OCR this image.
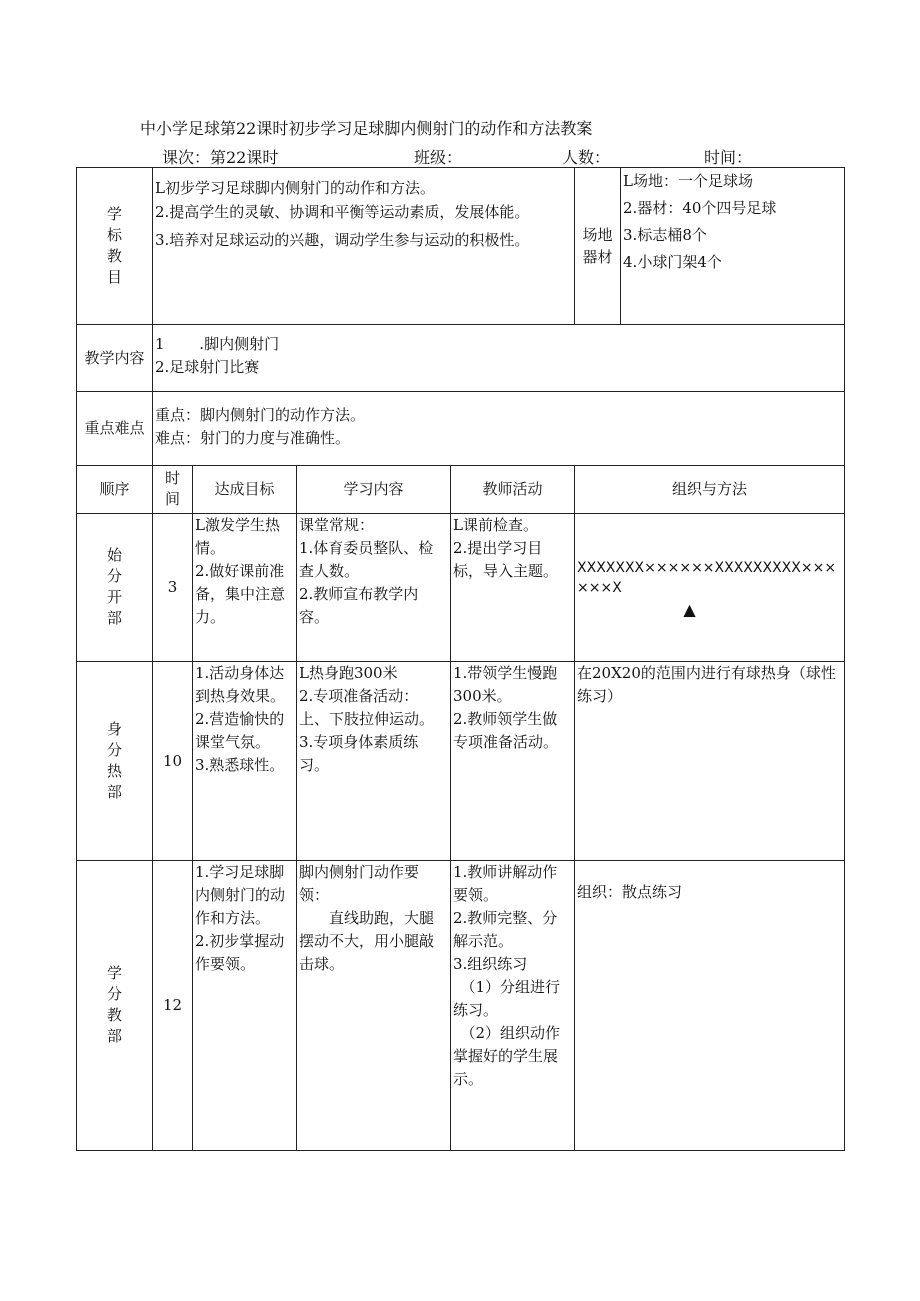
中小学足球第22课时初步学习足球脚内侧射门的动作和方法教案
课次：第22课时	班级：	人数：	时间：
学标教目	L初步学习足球脚内侧射门的动作和方法。
2.提高学生的灵敏、协调和平衡等运动素质，发展体能。
3.培养对足球运动的兴趣，调动学生参与运动的积极性。				场地器材	L场地：一个足球场
2.器材：40个四号足球
3.标志桶8个
4.小球门架4个

教学内容	1　　 .脚内侧射门
2.足球射门比赛					

重点难点	重点：脚内侧射门的动作方法。
难点：射门的力度与准确性。					

顺序	时间	达成目标	学习内容	教师活动	组织与方法	
始分开部	3	L激发学生热情。
2.做好课前准备，集中注意力。	课堂常规：
1.体育委员整队、检查人数。
2.教师宣布教学内容。	L课前检查。
2.提出学习目标，导入主题。	XXXXXXX××××××XXXXXXXXX××××××X
▲	

身分热部	10	1.活动身体达到热身效果。
2.营造愉快的课堂气氛。
3.熟悉球性。	L热身跑300米
2.专项准备活动：上、下肢拉伸运动。
3.专项身体素质练习。	1.带领学生慢跑300米。
2.教师领学生做专项准备活动。	在20X20的范围内进行有球热身（球性练习）	

学分教部	12	1.学习足球脚内侧射门的动作和方法。
2.初步掌握动作要领。	脚内侧射门动作要领：
　　直线助跑，大腿摆动不大，用小腿敲击球。	1.教师讲解动作要领。
2.教师完整、分解示范。
3.组织练习
　（1）分组进行练习。
　（2）组织动作掌握好的学生展示。	组织：散点练习	
